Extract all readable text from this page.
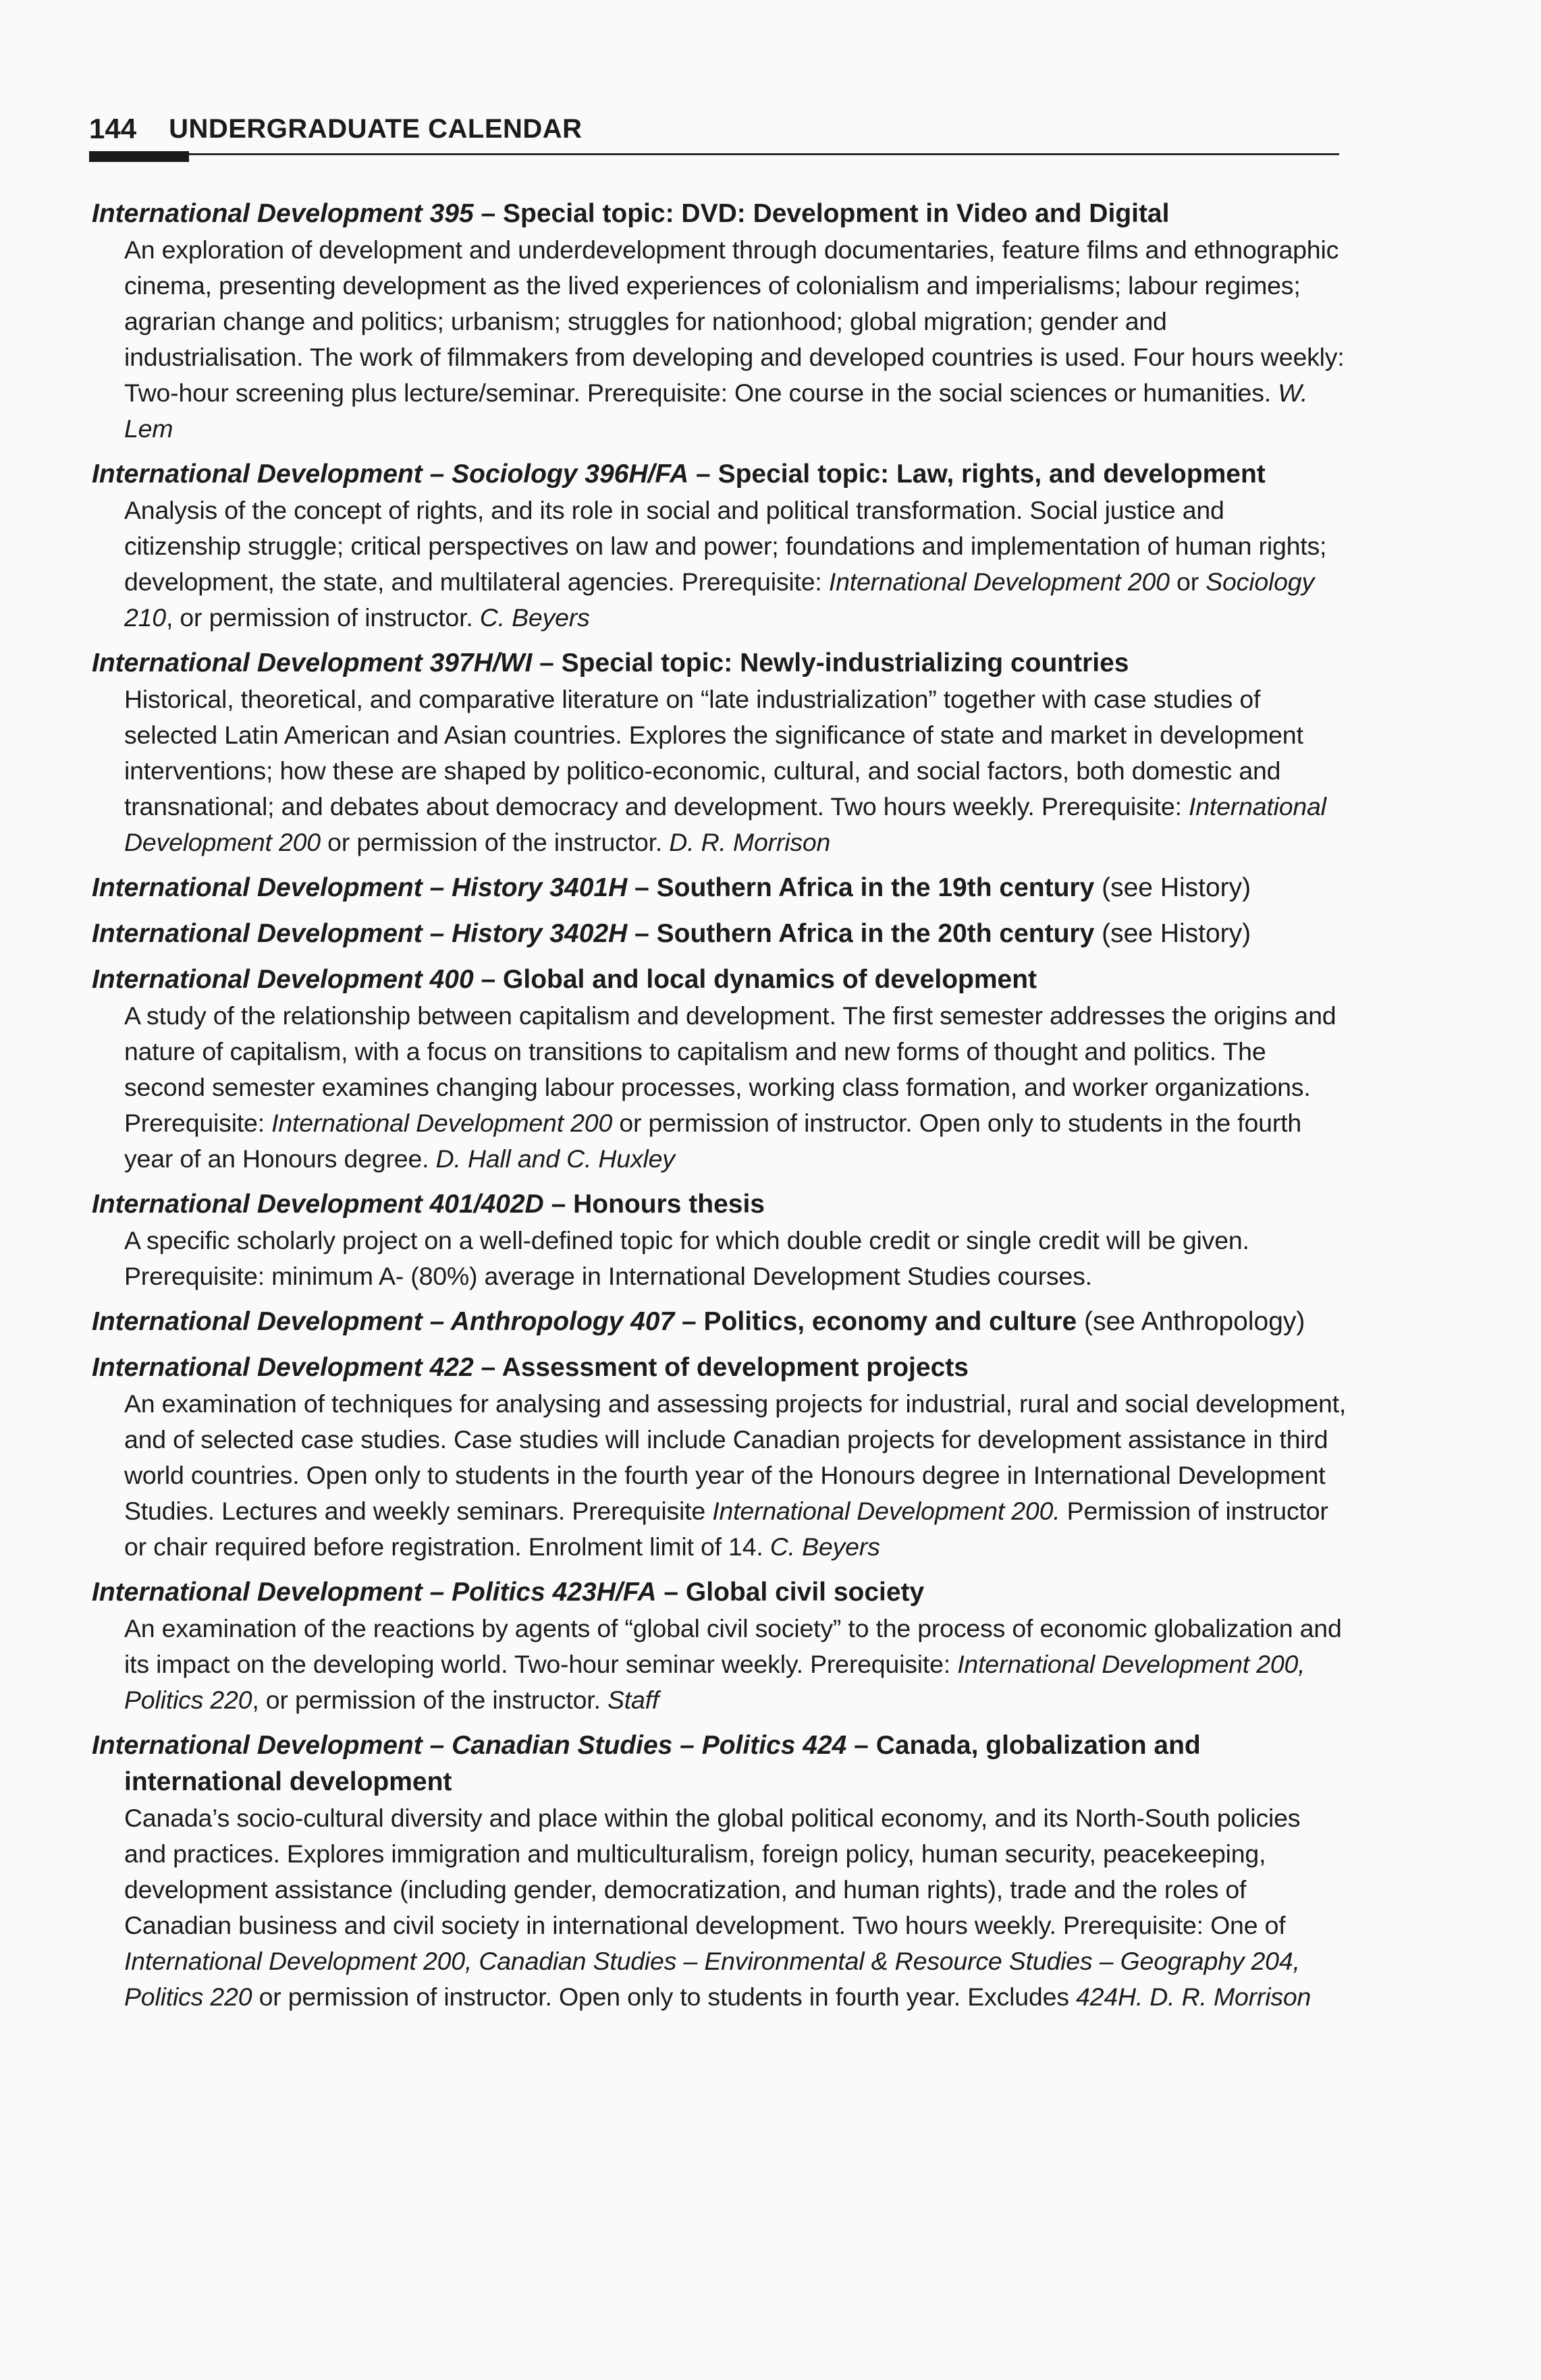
144 UNDERGRADUATE CALENDAR
International Development 395 – Special topic: DVD: Development in Video and Digital
An exploration of development and underdevelopment through documentaries, feature films and ethnographic cinema, presenting development as the lived experiences of colonialism and imperialisms; labour regimes; agrarian change and politics; urbanism; struggles for nationhood; global migration; gender and industrialisation. The work of filmmakers from developing and developed countries is used. Four hours weekly: Two-hour screening plus lecture/seminar. Prerequisite: One course in the social sciences or humanities. W. Lem
International Development – Sociology 396H/FA – Special topic: Law, rights, and development
Analysis of the concept of rights, and its role in social and political transformation. Social justice and citizenship struggle; critical perspectives on law and power; foundations and implementation of human rights; development, the state, and multilateral agencies. Prerequisite: International Development 200 or Sociology 210, or permission of instructor. C. Beyers
International Development 397H/WI – Special topic: Newly-industrializing countries
Historical, theoretical, and comparative literature on “late industrialization” together with case studies of selected Latin American and Asian countries. Explores the significance of state and market in development interventions; how these are shaped by politico-economic, cultural, and social factors, both domestic and transnational; and debates about democracy and development. Two hours weekly. Prerequisite: International Development 200 or permission of the instructor. D. R. Morrison
International Development – History 3401H – Southern Africa in the 19th century (see History)
International Development – History 3402H – Southern Africa in the 20th century (see History)
International Development 400 – Global and local dynamics of development
A study of the relationship between capitalism and development. The first semester addresses the origins and nature of capitalism, with a focus on transitions to capitalism and new forms of thought and politics. The second semester examines changing labour processes, working class formation, and worker organizations. Prerequisite: International Development 200 or permission of instructor. Open only to students in the fourth year of an Honours degree. D. Hall and C. Huxley
International Development 401/402D – Honours thesis
A specific scholarly project on a well-defined topic for which double credit or single credit will be given. Prerequisite: minimum A- (80%) average in International Development Studies courses.
International Development – Anthropology 407 – Politics, economy and culture (see Anthropology)
International Development 422 – Assessment of development projects
An examination of techniques for analysing and assessing projects for industrial, rural and social development, and of selected case studies. Case studies will include Canadian projects for development assistance in third world countries. Open only to students in the fourth year of the Honours degree in International Development Studies. Lectures and weekly seminars. Prerequisite International Development 200. Permission of instructor or chair required before registration. Enrolment limit of 14. C. Beyers
International Development – Politics 423H/FA – Global civil society
An examination of the reactions by agents of “global civil society” to the process of economic globalization and its impact on the developing world. Two-hour seminar weekly. Prerequisite: International Development 200, Politics 220, or permission of the instructor. Staff
International Development – Canadian Studies – Politics 424 – Canada, globalization and international development
Canada’s socio-cultural diversity and place within the global political economy, and its North-South policies and practices. Explores immigration and multiculturalism, foreign policy, human security, peacekeeping, development assistance (including gender, democratization, and human rights), trade and the roles of Canadian business and civil society in international development. Two hours weekly. Prerequisite: One of International Development 200, Canadian Studies – Environmental & Resource Studies – Geography 204, Politics 220 or permission of instructor. Open only to students in fourth year. Excludes 424H. D. R. Morrison
